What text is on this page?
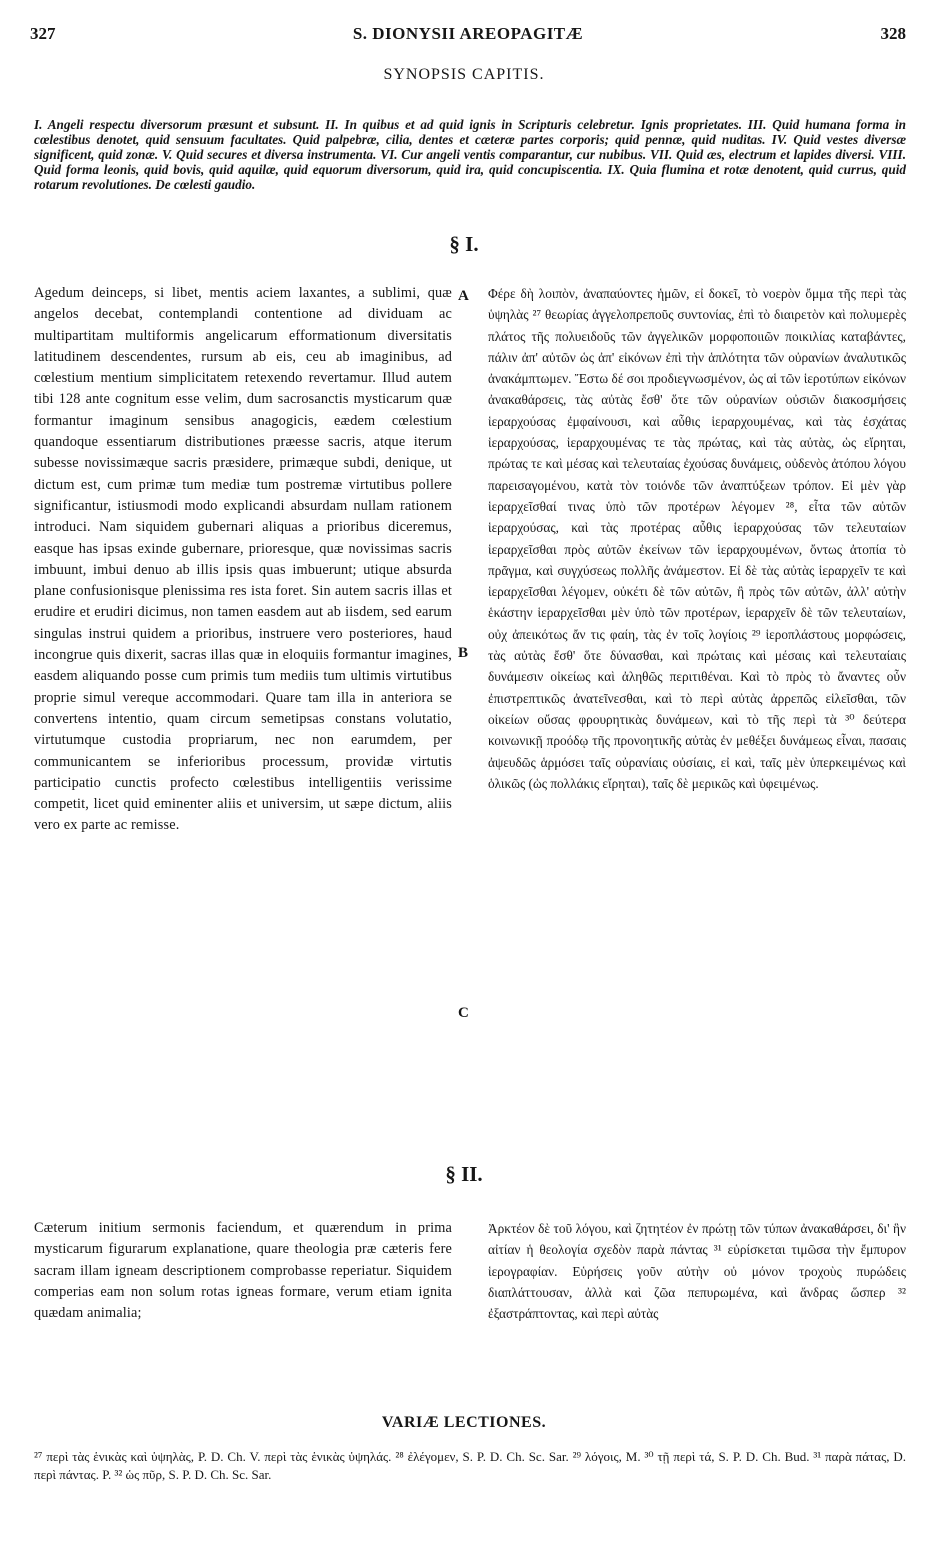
327	S. DIONYSII AREOPAGITÆ	328
SYNOPSIS CAPITIS.
I. Angeli respectu diversorum præsunt et subsunt. II. In quibus et ad quid ignis in Scripturis celebretur. Ignis proprietates. III. Quid humana forma in cœlestibus denotet, quid sensuum facultates. Quid palpebræ, cilia, dentes et cæteræ partes corporis; quid pennæ, quid nuditas. IV. Quid vestes diversæ significent, quid zonæ. V. Quid secures et diversa instrumenta. VI. Cur angeli ventis comparantur, cur nubibus. VII. Quid æs, electrum et lapides diversi. VIII. Quid forma leonis, quid bovis, quid aquilæ, quid equorum diversorum, quid ira, quid concupiscentia. IX. Quia flumina et rotæ denotent, quid currus, quid rotarum revolutiones. De cœlesti gaudio.
§ I.
Agedum deinceps, si libet, mentis aciem laxantes, a sublimi, quæ angelos decebat, contemplandi contentione ad dividuam ac multipartitam multiformis angelicarum efformationum diversitatis latitudinem descendentes, rursum ab eis, ceu ab imaginibus, ad cœlestium mentium simplicitatem retexendo revertamur. Illud autem tibi 128 ante cognitum esse velim, dum sacrosanctis mysticarum quæ formantur imaginum sensibus anagogicis, eædem cœlestium quandoque essentiarum distributiones præesse sacris, atque iterum subesse novissimæque sacris præsidere, primæque subdi, denique, ut dictum est, cum primæ tum mediæ tum postremæ virtutibus pollere significantur, istiusmodi modo explicandi absurdam nullam rationem introduci. Nam siquidem gubernari aliquas a prioribus diceremus, easque has ipsas exinde gubernare, prioresque, quæ novissimas sacris imbuunt, imbui denuo ab illis ipsis quas imbuerunt; utique absurda plane confusionisque plenissima res ista foret. Sin autem sacris illas et erudire et erudiri dicimus, non tamen easdem aut ab iisdem, sed earum singulas instrui quidem a prioribus, instruere vero posteriores, haud incongrue quis dixerit, sacras illas quæ in eloquiis formantur imagines, easdem aliquando posse cum primis tum mediis tum ultimis virtutibus proprie simul vereque accommodari. Quare tam illa in anteriora se convertens intentio, quam circum semetipsas constans volutatio, virtutumque custodia propriarum, nec non earumdem, per communicantem se inferioribus processum, providæ virtutis participatio cunctis profecto cœlestibus intelligentiis verissime competit, licet quid eminenter aliis et universim, ut sæpe dictum, aliis vero ex parte ac remisse.
Φέρε δὴ λοιπὸν, ἀναπαύοντες ἡμῶν, εἰ δοκεῖ, τὸ νοερὸν ὄμμα τῆς περὶ τὰς ὑψηλὰς ²⁷ θεωρίας ἀγγελοπρεποῦς συντονίας, ἐπὶ τὸ διαιρετὸν καὶ πολυμερὲς πλάτος τῆς πολυειδοῦς τῶν ἀγγελικῶν μορφοποιιῶν ποικιλίας καταβάντες, πάλιν ἀπ' αὐτῶν ὡς ἀπ' εἰκόνων ἐπὶ τὴν ἁπλότητα τῶν οὐρανίων ἀναλυτικῶς ἀνακάμπτωμεν. Ἔστω δέ σοι προδιεγνωσμένον, ὡς αἱ τῶν ἱεροτύπων εἰκόνων ἀνακαθάρσεις, τὰς αὐτὰς ἔσθ' ὅτε τῶν οὐρανίων οὐσιῶν διακοσμήσεις ἱεραρχούσας ἐμφαίνουσι, καὶ αὖθις ἱεραρχουμένας, καὶ τὰς ἐσχάτας ἱεραρχούσας, ἱεραρχουμένας τε τὰς πρώτας, καὶ τὰς αὐτὰς, ὡς εἴρηται, πρώτας τε καὶ μέσας καὶ τελευταίας ἐχούσας δυνάμεις, οὐδενὸς ἀτόπου λόγου παρεισαγομένου, κατὰ τὸν τοιόνδε τῶν ἀναπτύξεων τρόπον. Εἰ μὲν γὰρ ἱεραρχεῖσθαί τινας ὑπὸ τῶν προτέρων λέγομεν ²⁸, εἶτα τῶν αὐτῶν ἱεραρχούσας, καὶ τὰς προτέρας αὖθις ἱεραρχούσας τῶν τελευταίων ἱεραρχεῖσθαι πρὸς αὐτῶν ἐκείνων τῶν ἱεραρχουμένων, ὄντως ἀτοπία τὸ πρᾶγμα, καὶ συγχύσεως πολλῆς ἀνάμεστον. Εἰ δὲ τὰς αὐτὰς ἱεραρχεῖν τε καὶ ἱεραρχεῖσθαι λέγομεν, οὐκέτι δὲ τῶν αὐτῶν, ἢ πρὸς τῶν αὐτῶν, ἀλλ' αὐτὴν ἑκάστην ἱεραρχεῖσθαι μὲν ὑπὸ τῶν προτέρων, ἱεραρχεῖν δὲ τῶν τελευταίων, οὐχ ἀπεικότως ἄν τις φαίη, τὰς ἐν τοῖς λογίοις ²⁹ ἱεροπλάστους μορφώσεις, τὰς αὐτὰς ἔσθ' ὅτε δύνασθαι, καὶ πρώταις καὶ μέσαις καὶ τελευταίαις δυνάμεσιν οἰκείως καὶ ἀληθῶς περιτιθέναι. Καὶ τὸ πρὸς τὸ ἄναντες οὖν ἐπιστρεπτικῶς ἀνατεῖνεσθαι, καὶ τὸ περὶ αὐτὰς ἀρρεπῶς εἱλεῖσθαι, τῶν οἰκείων οὔσας φρουρητικὰς δυνάμεων, καὶ τὸ τῆς περὶ τὰ ³⁰ δεύτερα κοινωνικῇ προόδῳ τῆς προνοητικῆς αὐτὰς ἐν μεθέξει δυνάμεως εἶναι, πασαις ἀψευδῶς ἁρμόσει ταῖς οὐρανίαις οὐσίαις, εἰ καὶ, ταῖς μὲν ὑπερκειμένως καὶ ὁλικῶς (ὡς πολλάκις εἴρηται), ταῖς δὲ μερικῶς καὶ ὑφειμένως.
A
B
C
§ II.
Cæterum initium sermonis faciendum, et quærendum in prima mysticarum figurarum explanatione, quare theologia præ cæteris fere sacram illam igneam descriptionem comprobasse reperiatur. Siquidem comperias eam non solum rotas igneas formare, verum etiam ignita quædam animalia;
Ἀρκτέον δὲ τοῦ λόγου, καὶ ζητητέον ἐν πρώτῃ τῶν τύπων ἀνακαθάρσει, δι' ἣν αἰτίαν ἡ θεολογία σχεδὸν παρὰ πάντας ³¹ εὑρίσκεται τιμῶσα τὴν ἔμπυρον ἱερογραφίαν. Εὑρήσεις γοῦν αὐτὴν οὐ μόνον τροχοὺς πυρώδεις διαπλάττουσαν, ἀλλὰ καὶ ζῶα πεπυρωμένα, καὶ ἄνδρας ὥσπερ ³² ἐξαστράπτοντας, καὶ περὶ αὐτὰς
VARIÆ LECTIONES.
²⁷ περὶ τὰς ἑνικὰς καὶ ὑψηλὰς, P. D. Ch. V. περὶ τὰς ἑνικὰς ὑψηλάς. ²⁸ ἐλέγομεν, S. P. D. Ch. Sc. Sar. ²⁹ λόγοις, M. ³⁰ τῇ περὶ τά, S. P. D. Ch. Bud. ³¹ παρὰ πάτας, D. περὶ πάντας. P. ³² ὡς πῦρ, S. P. D. Ch. Sc. Sar.
